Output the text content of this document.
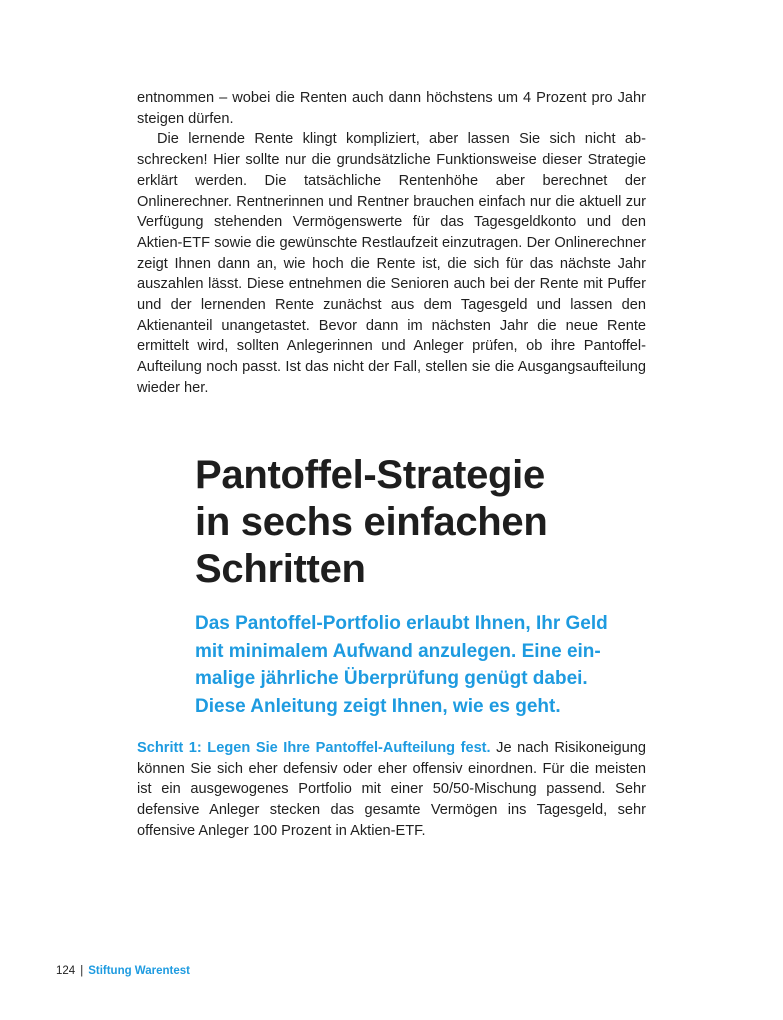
entnommen – wobei die Renten auch dann höchstens um 4 Prozent pro Jahr steigen dürfen.

Die lernende Rente klingt kompliziert, aber lassen Sie sich nicht abschrecken! Hier sollte nur die grundsätzliche Funktionsweise dieser Strategie erklärt werden. Die tatsächliche Rentenhöhe aber berechnet der Onlinerechner. Rentnerinnen und Rentner brauchen einfach nur die aktuell zur Verfügung stehenden Vermögenswerte für das Tagesgeldkonto und den Aktien-ETF sowie die gewünschte Restlaufzeit einzutragen. Der Onlinerechner zeigt Ihnen dann an, wie hoch die Rente ist, die sich für das nächste Jahr auszahlen lässt. Diese entnehmen die Senioren auch bei der Rente mit Puffer und der lernenden Rente zunächst aus dem Tagesgeld und lassen den Aktienanteil unangetastet. Bevor dann im nächsten Jahr die neue Rente ermittelt wird, sollten Anlegerinnen und Anleger prüfen, ob ihre Pantoffel-Aufteilung noch passt. Ist das nicht der Fall, stellen sie die Ausgangsaufteilung wieder her.

Pantoffel-Strategie
in sechs einfachen
Schritten
Das Pantoffel-Portfolio erlaubt Ihnen, Ihr Geld
mit minimalem Aufwand anzulegen. Eine ein-
malige jährliche Überprüfung genügt dabei.
Diese Anleitung zeigt Ihnen, wie es geht.

Schritt 1: Legen Sie Ihre Pantoffel-Aufteilung fest. Je nach Risikoneigung können Sie sich eher defensiv oder eher offensiv einordnen. Für die meisten ist ein ausgewogenes Portfolio mit einer 50/50-Mischung passend. Sehr defensive Anleger stecken das gesamte Vermögen ins Tagesgeld, sehr offensive Anleger 100 Prozent in Aktien-ETF.

124 | Stiftung Warentest
